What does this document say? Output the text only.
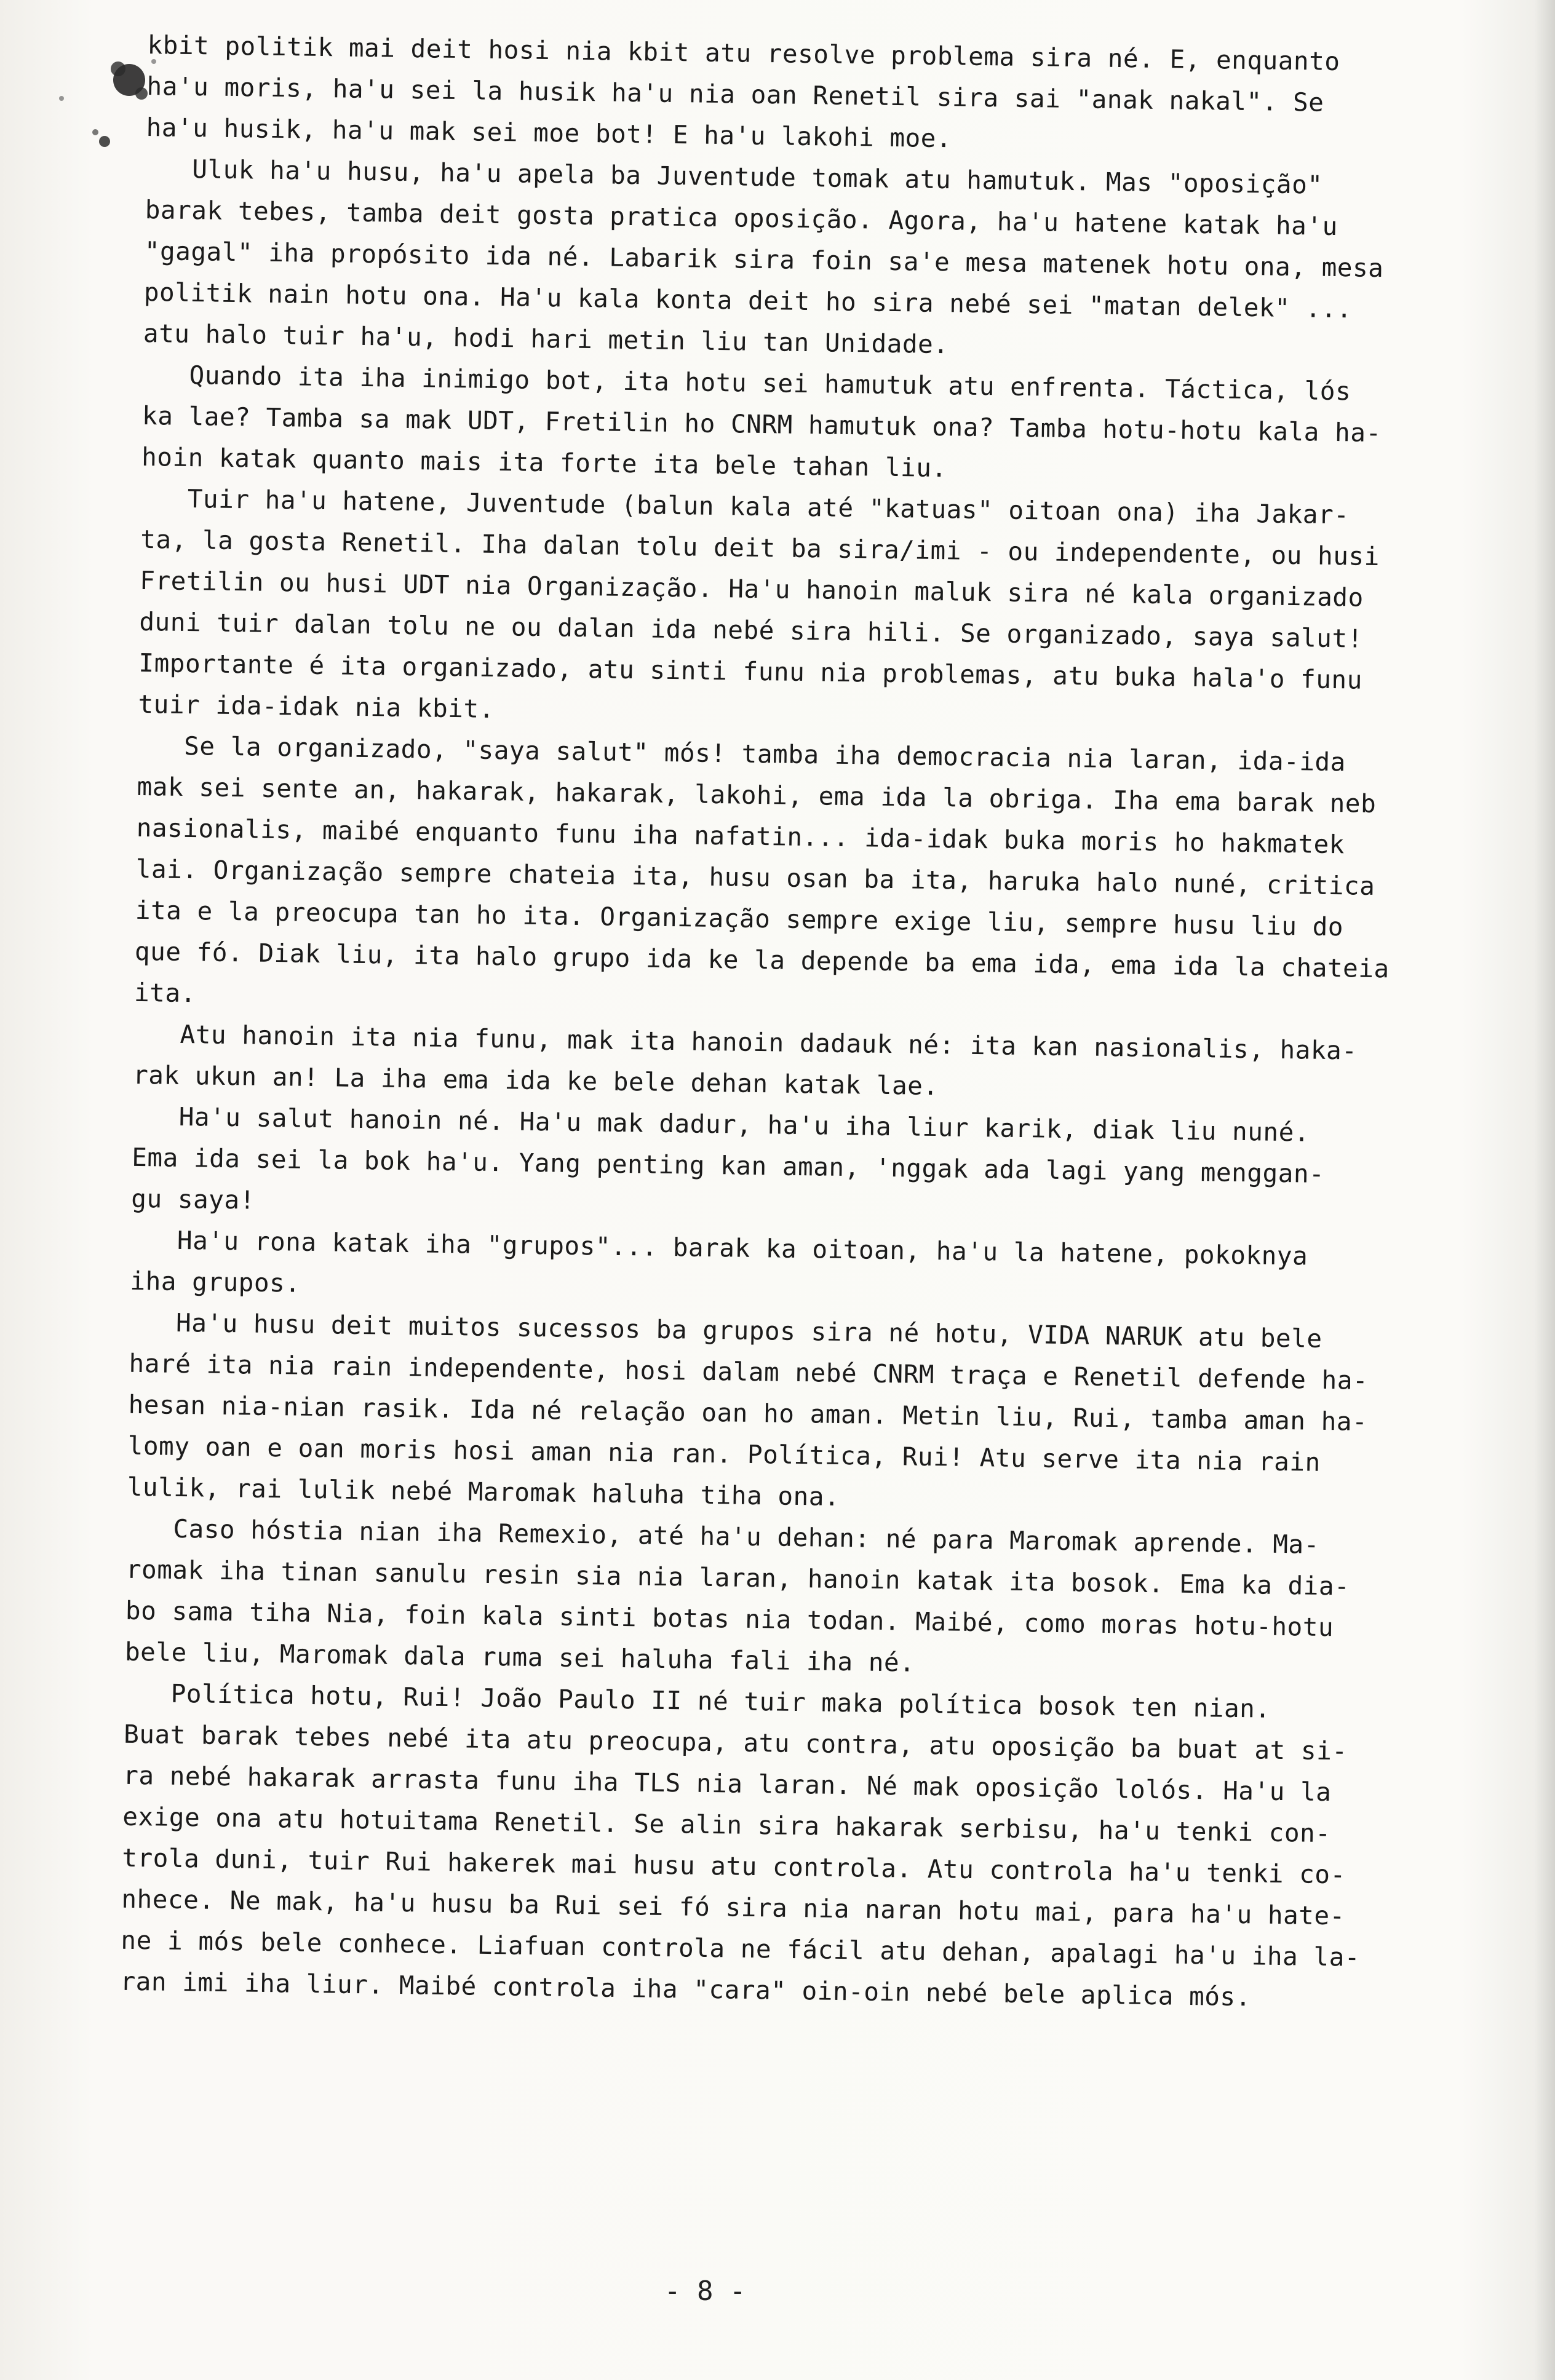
kbit politik mai deit hosi nia kbit atu resolve problema sira né. E, enquanto
ha'u moris, ha'u sei la husik ha'u nia oan Renetil sira sai "anak nakal". Se
ha'u husik, ha'u mak sei moe bot! E ha'u lakohi moe.
Uluk ha'u husu, ha'u apela ba Juventude tomak atu hamutuk. Mas "oposição"
barak tebes, tamba deit gosta pratica oposição. Agora, ha'u hatene katak ha'u
"gagal" iha propósito ida né. Labarik sira foin sa'e mesa matenek hotu ona, mesa
politik nain hotu ona. Ha'u kala konta deit ho sira nebé sei "matan delek" ...
atu halo tuir ha'u, hodi hari metin liu tan Unidade.
Quando ita iha inimigo bot, ita hotu sei hamutuk atu enfrenta. Táctica, lós
ka lae? Tamba sa mak UDT, Fretilin ho CNRM hamutuk ona? Tamba hotu-hotu kala ha-
hoin katak quanto mais ita forte ita bele tahan liu.
Tuir ha'u hatene, Juventude (balun kala até "katuas" oitoan ona) iha Jakar-
ta, la gosta Renetil. Iha dalan tolu deit ba sira/imi - ou independente, ou husi
Fretilin ou husi UDT nia Organização. Ha'u hanoin maluk sira né kala organizado
duni tuir dalan tolu ne ou dalan ida nebé sira hili. Se organizado, saya salut!
Importante é ita organizado, atu sinti funu nia problemas, atu buka hala'o funu
tuir ida-idak nia kbit.
Se la organizado, "saya salut" mós! tamba iha democracia nia laran, ida-ida
mak sei sente an, hakarak, hakarak, lakohi, ema ida la obriga. Iha ema barak neb
nasionalis, maibé enquanto funu iha nafatin... ida-idak buka moris ho hakmatek
lai. Organização sempre chateia ita, husu osan ba ita, haruka halo nuné, critica
ita e la preocupa tan ho ita. Organização sempre exige liu, sempre husu liu do
que fó. Diak liu, ita halo grupo ida ke la depende ba ema ida, ema ida la chateia
ita.
Atu hanoin ita nia funu, mak ita hanoin dadauk né: ita kan nasionalis, haka-
rak ukun an! La iha ema ida ke bele dehan katak lae.
Ha'u salut hanoin né. Ha'u mak dadur, ha'u iha liur karik, diak liu nuné.
Ema ida sei la bok ha'u. Yang penting kan aman, 'nggak ada lagi yang menggan-
gu saya!
Ha'u rona katak iha "grupos"... barak ka oitoan, ha'u la hatene, pokoknya
iha grupos.
Ha'u husu deit muitos sucessos ba grupos sira né hotu, VIDA NARUK atu bele
haré ita nia rain independente, hosi dalam nebé CNRM traça e Renetil defende ha-
hesan nia-nian rasik. Ida né relação oan ho aman. Metin liu, Rui, tamba aman ha-
lomy oan e oan moris hosi aman nia ran. Política, Rui! Atu serve ita nia rain
lulik, rai lulik nebé Maromak haluha tiha ona.
Caso hóstia nian iha Remexio, até ha'u dehan: né para Maromak aprende. Ma-
romak iha tinan sanulu resin sia nia laran, hanoin katak ita bosok. Ema ka dia-
bo sama tiha Nia, foin kala sinti botas nia todan. Maibé, como moras hotu-hotu
bele liu, Maromak dala ruma sei haluha fali iha né.
Política hotu, Rui! João Paulo II né tuir maka política bosok ten nian.
Buat barak tebes nebé ita atu preocupa, atu contra, atu oposição ba buat at si-
ra nebé hakarak arrasta funu iha TLS nia laran. Né mak oposição lolós. Ha'u la
exige ona atu hotuitama Renetil. Se alin sira hakarak serbisu, ha'u tenki con-
trola duni, tuir Rui hakerek mai husu atu controla. Atu controla ha'u tenki co-
nhece. Ne mak, ha'u husu ba Rui sei fó sira nia naran hotu mai, para ha'u hate-
ne i mós bele conhece. Liafuan controla ne fácil atu dehan, apalagi ha'u iha la-
ran imi iha liur. Maibé controla iha "cara" oin-oin nebé bele aplica mós.
- 8 -
